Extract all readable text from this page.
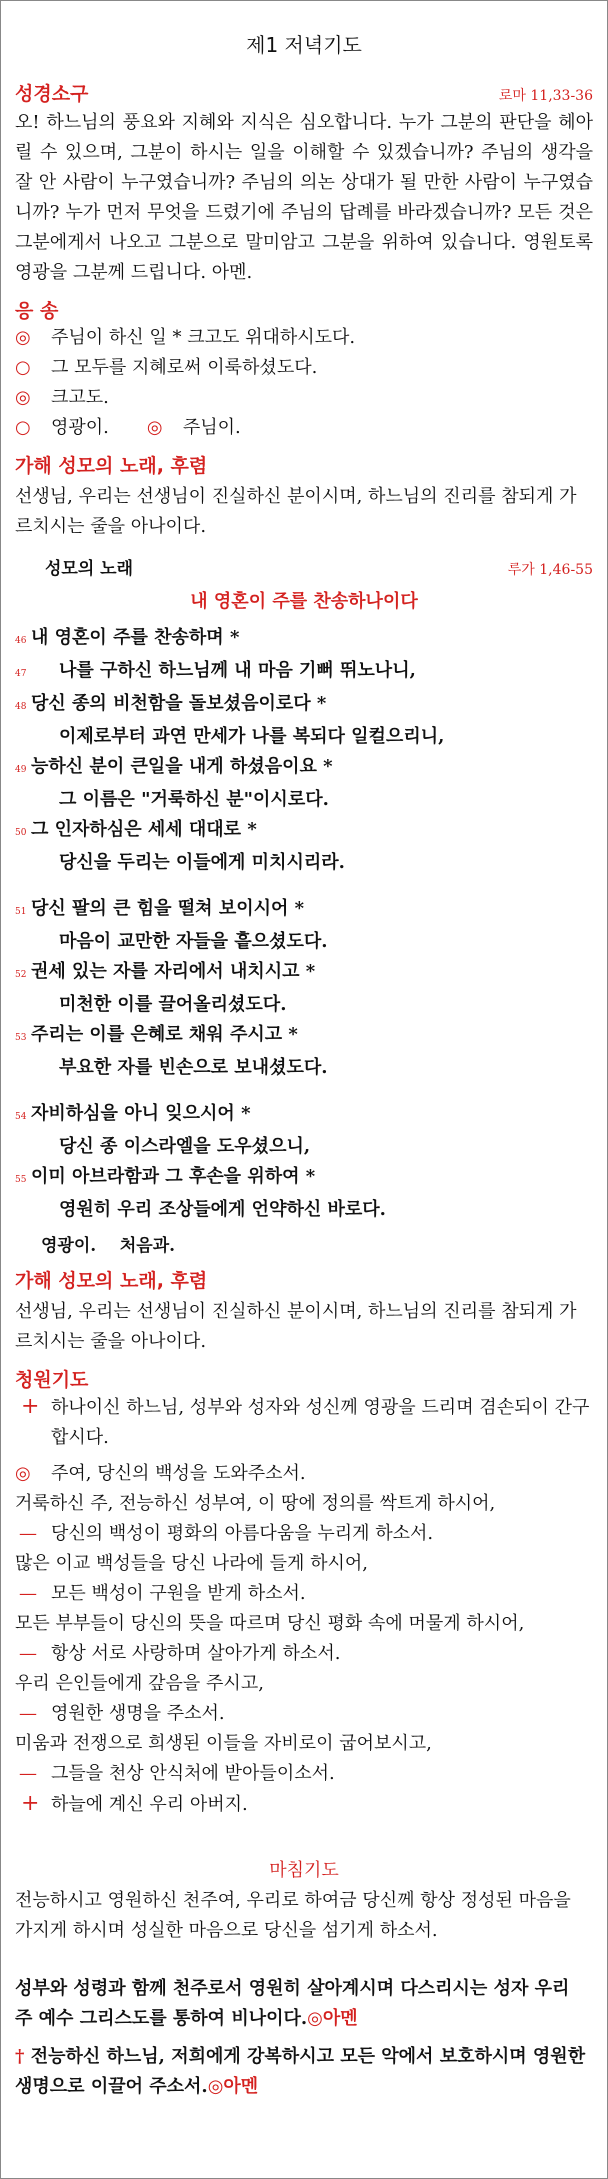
제1 저녁기도
성경소구	로마 11,33-36

오! 하느님의 풍요와 지혜와 지식은 심오합니다. 누가 그분의 판단을 헤아릴 수 있으며, 그분이 하시는 일을 이해할 수 있겠습니까? 주님의 생각을 잘 안 사람이 누구였습니까? 주님의 의논 상대가 될 만한 사람이 누구였습니까? 누가 먼저 무엇을 드렸기에 주님의 답례를 바라겠습니까? 모든 것은 그분에게서 나오고 그분으로 말미암고 그분을 위하여 있습니다. 영원토록 영광을 그분께 드립니다. 아멘.

응 송
◎	주님이 하신 일 * 크고도 위대하시도다.
○	그 모두를 지혜로써 이룩하셨도다.
◎	크고도.
○	영광이. ◎	주님이.
가해 성모의 노래, 후렴

선생님, 우리는 선생님이 진실하신 분이시며, 하느님의 진리를 참되게 가르치시는 줄을 아나이다.

성모의 노래	루가 1,46-55
내 영혼이 주를 찬송하나이다
46 내 영혼이 주를 찬송하며 *
47	나를 구하신 하느님께 내 마음 기뻐 뛰노나니,
48 당신 종의 비천함을 돌보셨음이로다 *
이제로부터 과연 만세가 나를 복되다 일컬으리니,
49 능하신 분이 큰일을 내게 하셨음이요 *
그 이름은 "거룩하신 분"이시로다.
50 그 인자하심은 세세 대대로 *
당신을 두리는 이들에게 미치시리라.
51 당신 팔의 큰 힘을 떨쳐 보이시어 *
마음이 교만한 자들을 흩으셨도다.
52 권세 있는 자를 자리에서 내치시고 *
미천한 이를 끌어올리셨도다.
53 주리는 이를 은혜로 채워 주시고 *
부요한 자를 빈손으로 보내셨도다.
54 자비하심을 아니 잊으시어 *
당신 종 이스라엘을 도우셨으니,
55 이미 아브라함과 그 후손을 위하여 *
영원히 우리 조상들에게 언약하신 바로다.
영광이.    처음과.
가해 성모의 노래, 후렴

선생님, 우리는 선생님이 진실하신 분이시며, 하느님의 진리를 참되게 가르치시는 줄을 아나이다.

청원기도
+ 하나이신 하느님, 성부와 성자와 성신께 영광을 드리며 겸손되이 간구합시다.
◎	주여, 당신의 백성을 도와주소서.
거룩하신 주, 전능하신 성부여, 이 땅에 정의를 싹트게 하시어,
— 당신의 백성이 평화의 아름다움을 누리게 하소서.
많은 이교 백성들을 당신 나라에 들게 하시어,
— 모든 백성이 구원을 받게 하소서.
모든 부부들이 당신의 뜻을 따르며 당신 평화 속에 머물게 하시어,
— 항상 서로 사랑하며 살아가게 하소서.
우리 은인들에게 갚음을 주시고,
— 영원한 생명을 주소서.
미움과 전쟁으로 희생된 이들을 자비로이 굽어보시고,
— 그들을 천상 안식처에 받아들이소서.
+ 하늘에 계신 우리 아버지.
마침기도

전능하시고 영원하신 천주여, 우리로 하여금 당신께 항상 정성된 마음을 가지게 하시며 성실한 마음으로 당신을 섬기게 하소서.

성부와 성령과 함께 천주로서 영원히 살아계시며 다스리시는 성자 우리 주 예수 그리스도를 통하여 비나이다.◎아멘

† 전능하신 하느님, 저희에게 강복하시고 모든 악에서 보호하시며 영원한 생명으로 이끌어 주소서.◎아멘
